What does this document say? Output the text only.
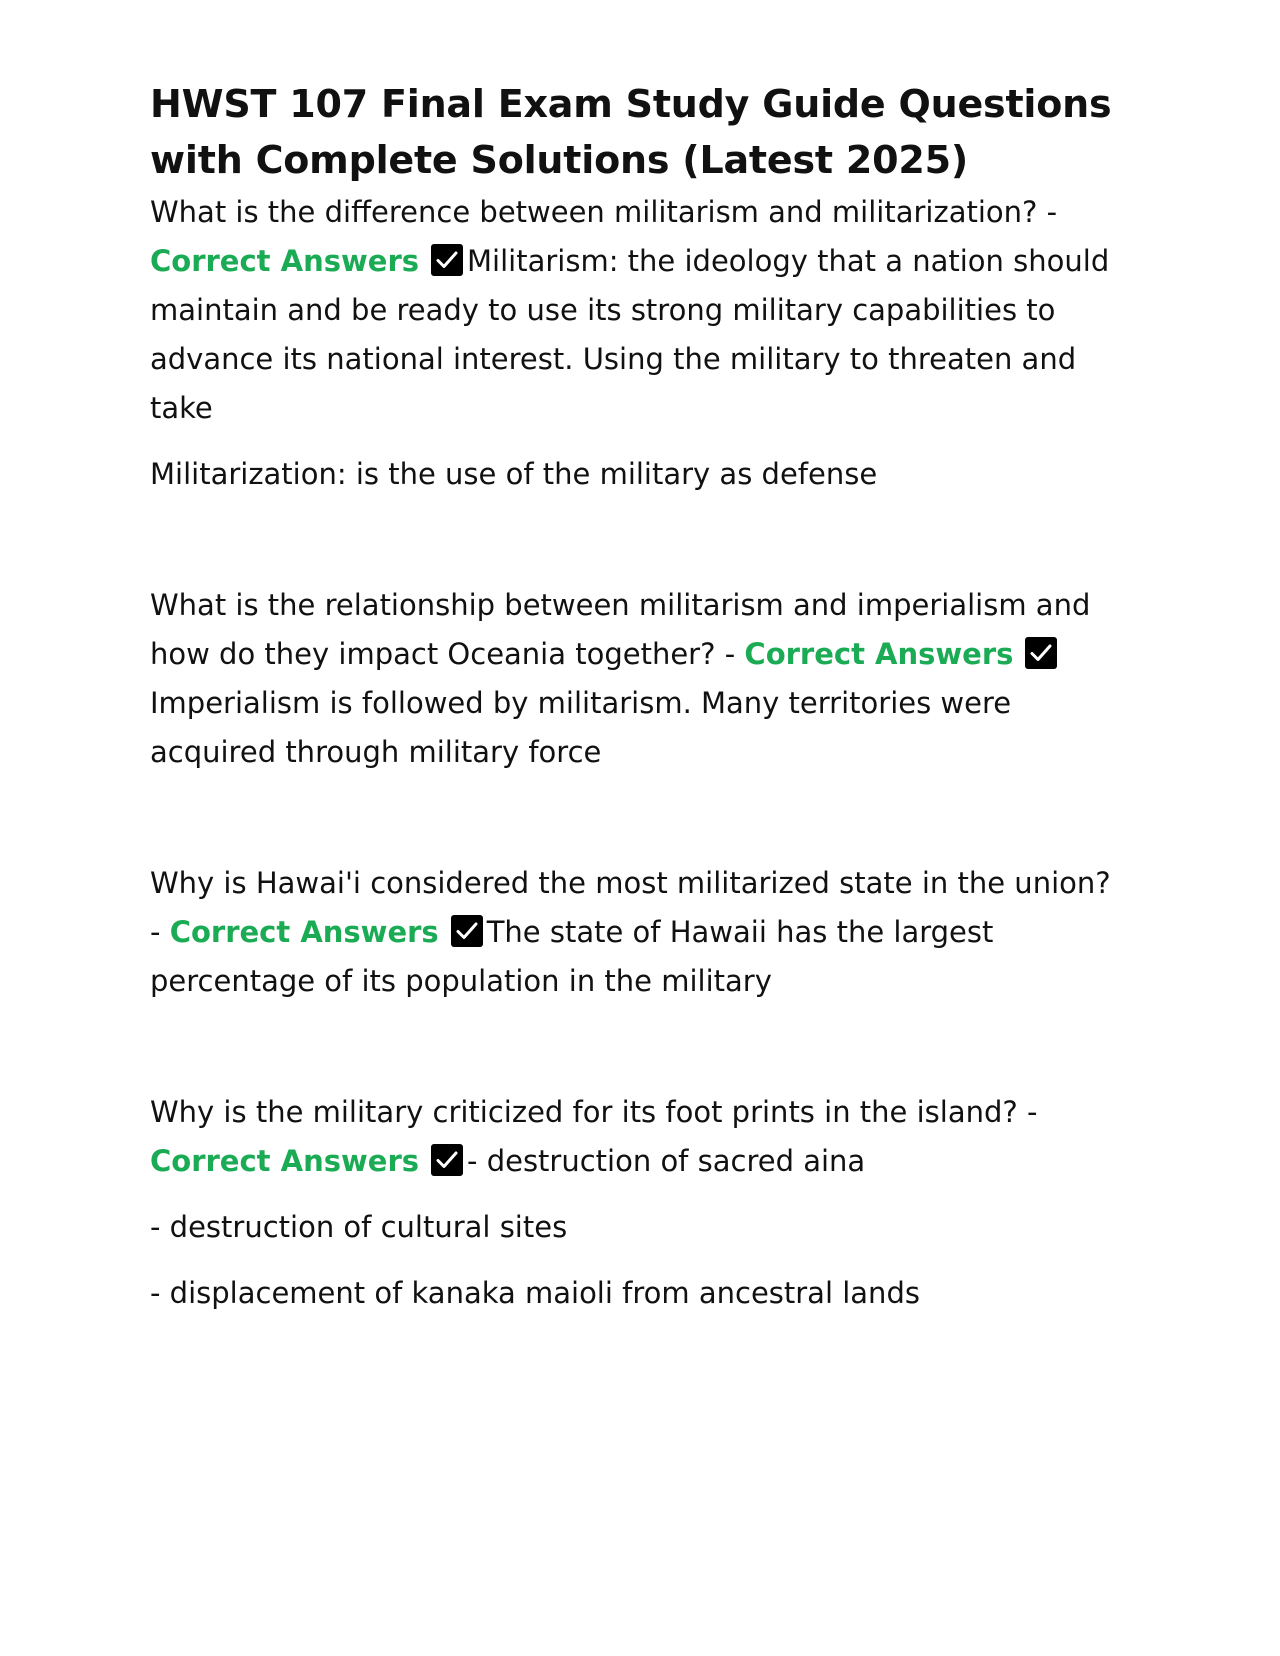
HWST 107 Final Exam Study Guide Questions with Complete Solutions (Latest 2025)

What is the difference between militarism and militarization? - Correct Answers Militarism: the ideology that a nation should maintain and be ready to use its strong military capabilities to advance its national interest. Using the military to threaten and take

Militarization: is the use of the military as defense

What is the relationship between militarism and imperialism and how do they impact Oceania together? - Correct Answers
Imperialism is followed by militarism. Many territories were acquired through military force

Why is Hawai'i considered the most militarized state in the union? - Correct Answers The state of Hawaii has the largest percentage of its population in the military

Why is the military criticized for its foot prints in the island? - Correct Answers - destruction of sacred aina

- destruction of cultural sites

- displacement of kanaka maioli from ancestral lands
